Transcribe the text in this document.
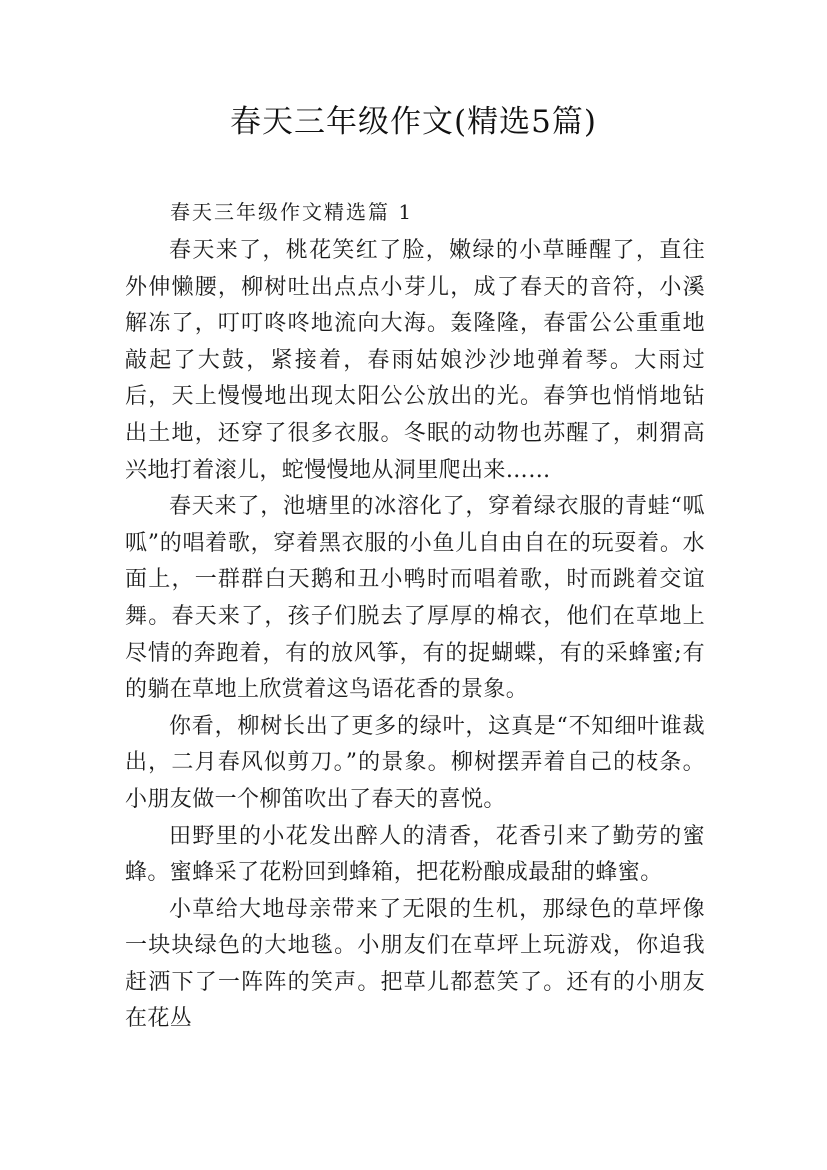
春天三年级作文(精选5篇)
春天三年级作文精选篇 1

春天来了，桃花笑红了脸，嫩绿的小草睡醒了，直往外伸懒腰，柳树吐出点点小芽儿，成了春天的音符，小溪解冻了，叮叮咚咚地流向大海。轰隆隆，春雷公公重重地敲起了大鼓，紧接着，春雨姑娘沙沙地弹着琴。大雨过后，天上慢慢地出现太阳公公放出的光。春笋也悄悄地钻出土地，还穿了很多衣服。冬眠的动物也苏醒了，刺猬高兴地打着滚儿，蛇慢慢地从洞里爬出来……

春天来了，池塘里的冰溶化了，穿着绿衣服的青蛙“呱呱”的唱着歌，穿着黑衣服的小鱼儿自由自在的玩耍着。水面上，一群群白天鹅和丑小鸭时而唱着歌，时而跳着交谊舞。春天来了，孩子们脱去了厚厚的棉衣，他们在草地上尽情的奔跑着，有的放风筝，有的捉蝴蝶，有的采蜂蜜;有的躺在草地上欣赏着这鸟语花香的景象。

你看，柳树长出了更多的绿叶，这真是“不知细叶谁裁出，二月春风似剪刀。”的景象。柳树摆弄着自己的枝条。小朋友做一个柳笛吹出了春天的喜悦。

田野里的小花发出醉人的清香，花香引来了勤劳的蜜蜂。蜜蜂采了花粉回到蜂箱，把花粉酿成最甜的蜂蜜。

小草给大地母亲带来了无限的生机，那绿色的草坪像一块块绿色的大地毯。小朋友们在草坪上玩游戏，你追我赶洒下了一阵阵的笑声。把草儿都惹笑了。还有的小朋友在花丛
